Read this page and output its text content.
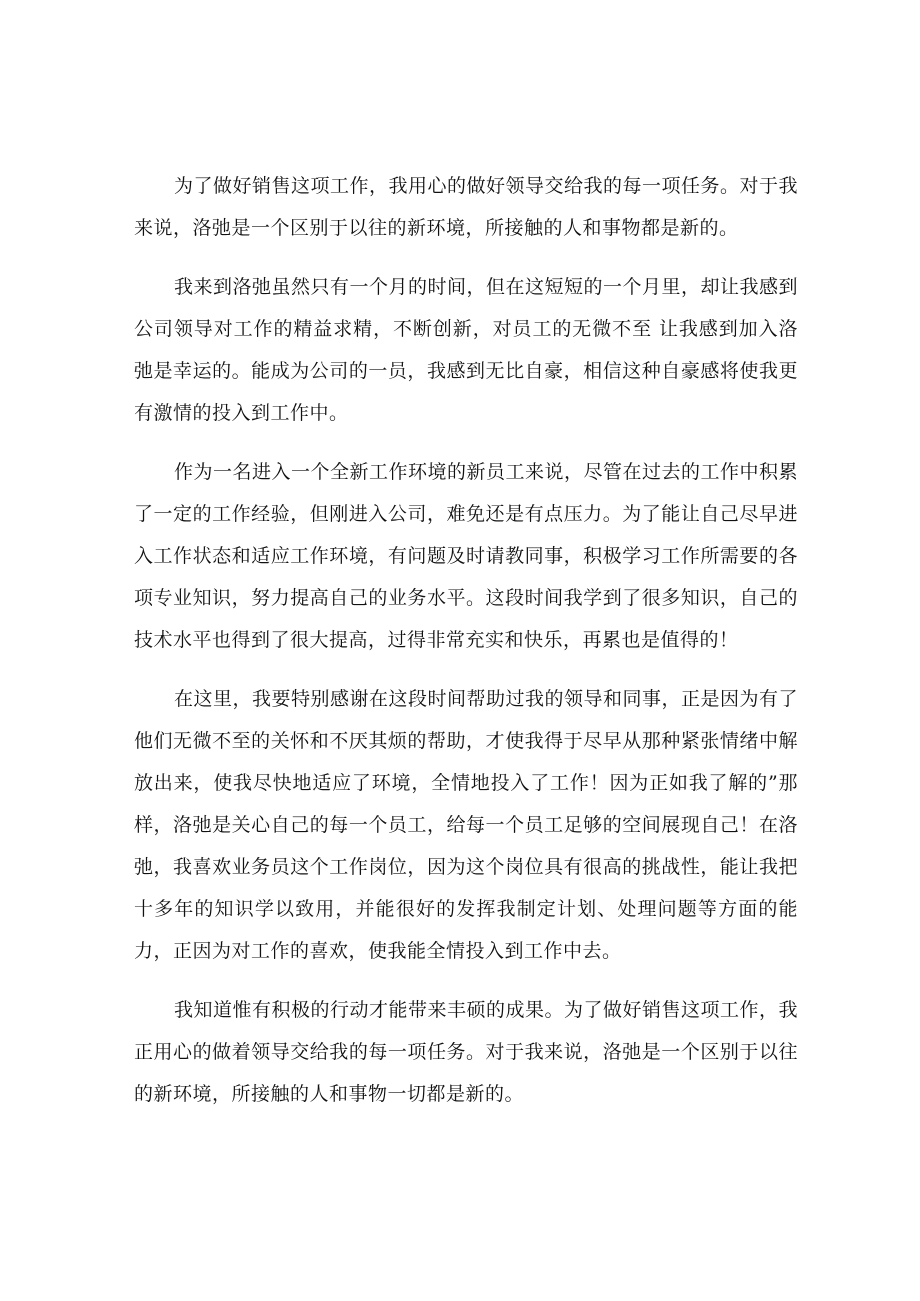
为了做好销售这项工作，我用心的做好领导交给我的每一项任务。对于我来说，洛弛是一个区别于以往的新环境，所接触的人和事物都是新的。

我来到洛弛虽然只有一个月的时间，但在这短短的一个月里，却让我感到公司领导对工作的精益求精，不断创新，对员工的无微不至 让我感到加入洛弛是幸运的。能成为公司的一员，我感到无比自豪，相信这种自豪感将使我更有激情的投入到工作中。

作为一名进入一个全新工作环境的新员工来说，尽管在过去的工作中积累了一定的工作经验，但刚进入公司，难免还是有点压力。为了能让自己尽早进入工作状态和适应工作环境，有问题及时请教同事，积极学习工作所需要的各项专业知识，努力提高自己的业务水平。这段时间我学到了很多知识，自己的技术水平也得到了很大提高，过得非常充实和快乐，再累也是值得的！

在这里，我要特别感谢在这段时间帮助过我的领导和同事，正是因为有了他们无微不至的关怀和不厌其烦的帮助，才使我得于尽早从那种紧张情绪中解放出来，使我尽快地适应了环境，全情地投入了工作！因为正如我了解的”那样，洛弛是关心自己的每一个员工，给每一个员工足够的空间展现自己！在洛弛，我喜欢业务员这个工作岗位，因为这个岗位具有很高的挑战性，能让我把十多年的知识学以致用，并能很好的发挥我制定计划、处理问题等方面的能力，正因为对工作的喜欢，使我能全情投入到工作中去。

我知道惟有积极的行动才能带来丰硕的成果。为了做好销售这项工作，我正用心的做着领导交给我的每一项任务。对于我来说，洛弛是一个区别于以往的新环境，所接触的人和事物一切都是新的。
